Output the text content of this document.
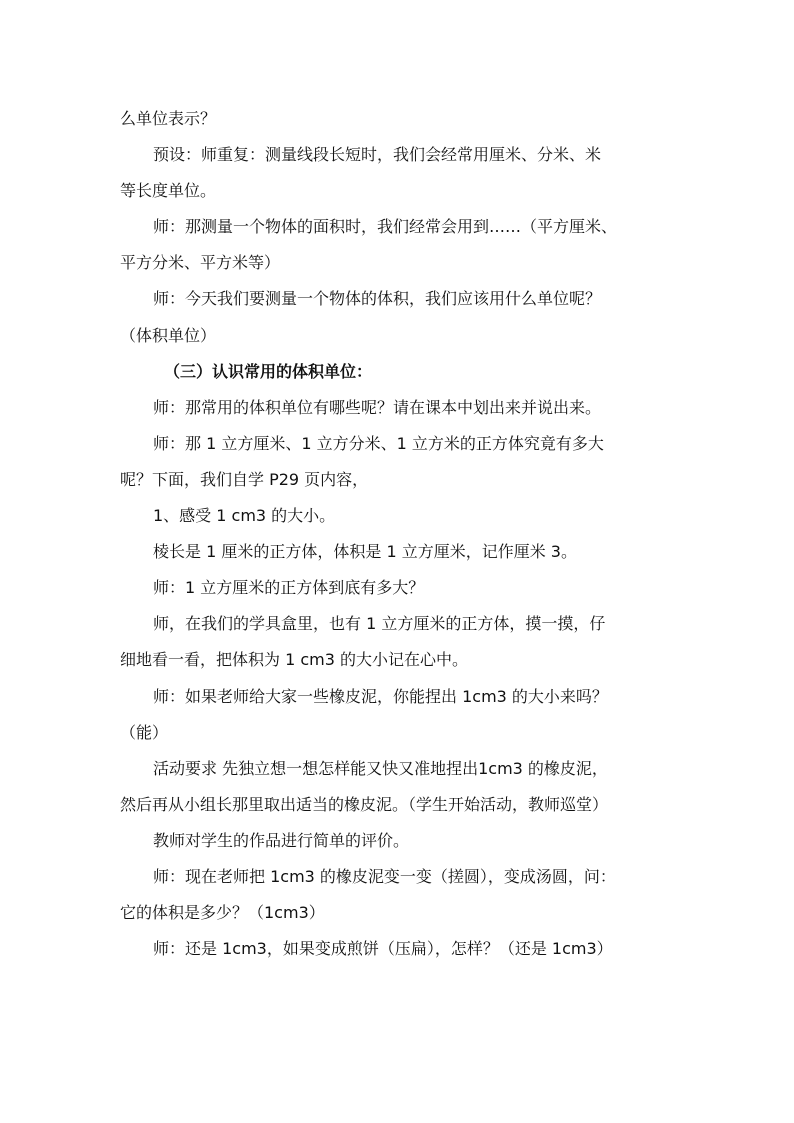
么单位表示？
预设：师重复：测量线段长短时，我们会经常用厘米、分米、米
等长度单位。
师：那测量一个物体的面积时，我们经常会用到……（平方厘米、
平方分米、平方米等）
师：今天我们要测量一个物体的体积，我们应该用什么单位呢？
（体积单位）
（三）认识常用的体积单位：
师：那常用的体积单位有哪些呢？请在课本中划出来并说出来。
师：那 1 立方厘米、1 立方分米、1 立方米的正方体究竟有多大
呢？下面，我们自学 P29 页内容，
1、感受 1 cm3 的大小。
棱长是 1 厘米的正方体，体积是 1 立方厘米，记作厘米 3。
师：1 立方厘米的正方体到底有多大？
师，在我们的学具盒里，也有 1 立方厘米的正方体，摸一摸，仔
细地看一看，把体积为 1 cm3 的大小记在心中。
师：如果老师给大家一些橡皮泥，你能捏出 1cm3 的大小来吗？
（能）
活动要求 先独立想一想怎样能又快又准地捏出1cm3 的橡皮泥，
然后再从小组长那里取出适当的橡皮泥。（学生开始活动，教师巡堂）
教师对学生的作品进行简单的评价。
师：现在老师把 1cm3 的橡皮泥变一变（搓圆），变成汤圆，问：
它的体积是多少？（1cm3）
师：还是 1cm3，如果变成煎饼（压扁），怎样？（还是 1cm3）
